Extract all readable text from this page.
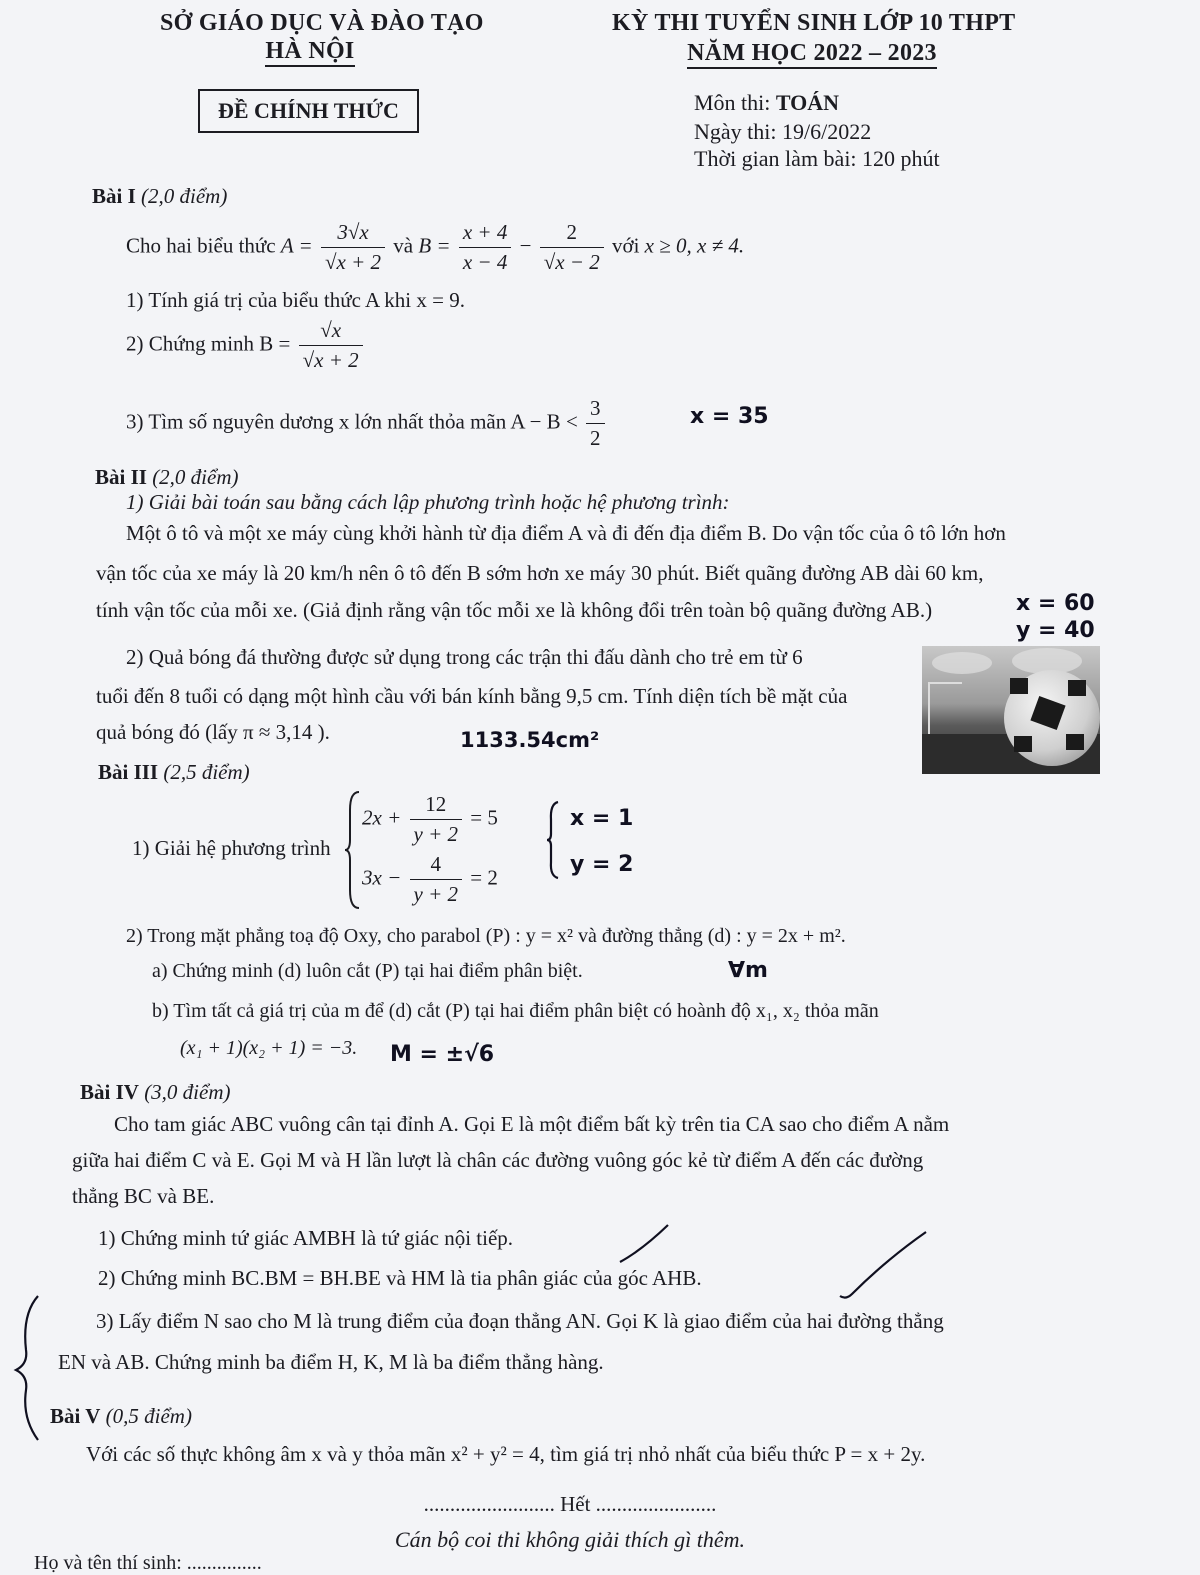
SỞ GIÁO DỤC VÀ ĐÀO TẠO
HÀ NỘI
KỲ THI TUYỂN SINH LỚP 10 THPT
NĂM HỌC 2022 – 2023
ĐỀ CHÍNH THỨC	Môn thi: TOÁN
Ngày thi: 19/6/2022
Thời gian làm bài: 120 phút
Bài I (2,0 điểm)
Cho hai biểu thức $A = \frac{3√x}{√x + 2}$ và $B = \frac{x + 4}{x - 4} - \frac{2}{√x - 2}$ với x ≥ 0, x ≠ 4.
1) Tính giá trị của biểu thức A khi x = 9.
2) Chứng minh $B = \frac{√x}{√x + 2}$
3) Tìm số nguyên dương x lớn nhất thỏa mãn $A - B < \frac{3}{2}$	x = 35
Bài II (2,0 điểm)
1) Giải bài toán sau bằng cách lập phương trình hoặc hệ phương trình:
Một ô tô và một xe máy cùng khởi hành từ địa điểm A và đi đến địa điểm B. Do vận tốc của ô tô lớn hơn
vận tốc của xe máy là 20 km/h nên ô tô đến B sớm hơn xe máy 30 phút. Biết quãng đường AB dài 60 km,
tính vận tốc của mỗi xe. (Giả định rằng vận tốc mỗi xe là không đổi trên toàn bộ quãng đường AB.)	x = 60
y = 40
2) Quả bóng đá thường được sử dụng trong các trận thi đấu dành cho trẻ em từ 6
tuổi đến 8 tuổi có dạng một hình cầu với bán kính bằng 9,5 cm. Tính diện tích bề mặt của
quả bóng đó (lấy π ≈ 3,14 ).	1133.54cm²
Bài III (2,5 điểm)
1) Giải hệ phương trình
$2x + \frac{12}{y + 2} = 5$
$3x - \frac{4}{y + 2} = 2$
x = 1
y = 2
2) Trong mặt phẳng toạ độ Oxy, cho parabol (P) : y = x² và đường thẳng (d) : y = 2x + m².
a) Chứng minh (d) luôn cắt (P) tại hai điểm phân biệt.	∀m
b) Tìm tất cả giá trị của m để (d) cắt (P) tại hai điểm phân biệt có hoành độ x₁, x₂ thỏa mãn
(x₁ + 1)(x₂ + 1) = −3. M = ±√6
Bài IV (3,0 điểm)
Cho tam giác ABC vuông cân tại đỉnh A. Gọi E là một điểm bất kỳ trên tia CA sao cho điểm A nằm
giữa hai điểm C và E. Gọi M và H lần lượt là chân các đường vuông góc kẻ từ điểm A đến các đường
thẳng BC và BE.
1) Chứng minh tứ giác AMBH là tứ giác nội tiếp.
2) Chứng minh BC.BM = BH.BE và HM là tia phân giác của góc AHB.
3) Lấy điểm N sao cho M là trung điểm của đoạn thẳng AN. Gọi K là giao điểm của hai đường thẳng
EN và AB. Chứng minh ba điểm H, K, M là ba điểm thẳng hàng.
Bài V (0,5 điểm)
Với các số thực không âm x và y thỏa mãn x² + y² = 4, tìm giá trị nhỏ nhất của biểu thức P = x + 2y.
......................... Hết .......................
Cán bộ coi thi không giải thích gì thêm.
Họ và tên thí sinh: ...............
